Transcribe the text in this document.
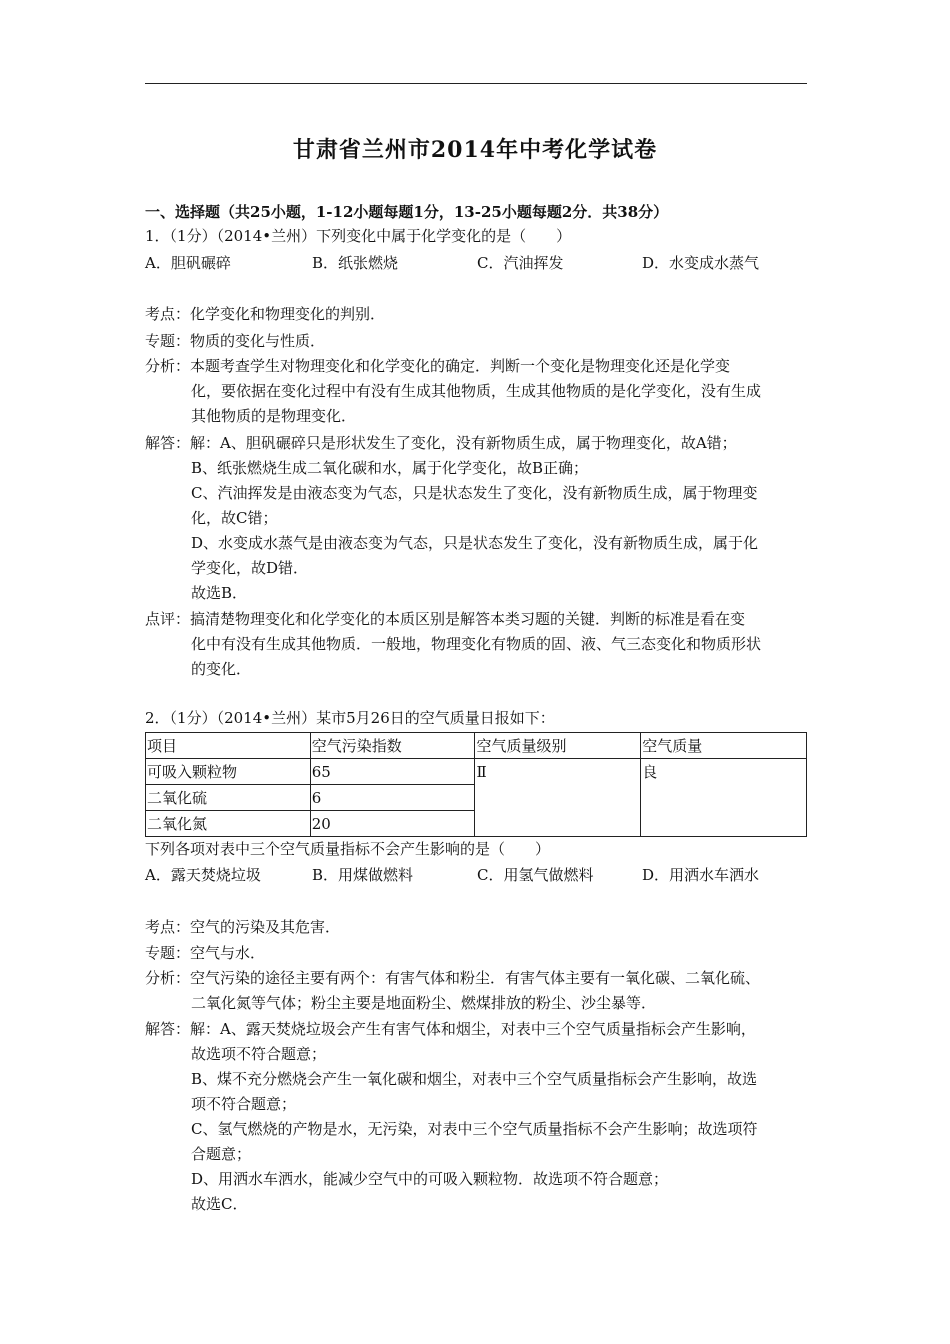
甘肃省兰州市2014年中考化学试卷
一、选择题（共25小题，1-12小题每题1分，13-25小题每题2分．共38分）
1．（1分）（2014•兰州）下列变化中属于化学变化的是（　　）
A．胆矾碾碎	B．纸张燃烧	C．汽油挥发	D．水变成水蒸气
考点：化学变化和物理变化的判别．
专题：物质的变化与性质．
分析：本题考查学生对物理变化和化学变化的确定．判断一个变化是物理变化还是化学变
化，要依据在变化过程中有没有生成其他物质，生成其他物质的是化学变化，没有生成
其他物质的是物理变化．
解答：解：A、胆矾碾碎只是形状发生了变化，没有新物质生成，属于物理变化，故A错；
B、纸张燃烧生成二氧化碳和水，属于化学变化，故B正确；
C、汽油挥发是由液态变为气态，只是状态发生了变化，没有新物质生成，属于物理变
化，故C错；
D、水变成水蒸气是由液态变为气态，只是状态发生了变化，没有新物质生成，属于化
学变化，故D错．
故选B．
点评：搞清楚物理变化和化学变化的本质区别是解答本类习题的关键．判断的标准是看在变
化中有没有生成其他物质．一般地，物理变化有物质的固、液、气三态变化和物质形状
的变化．
2．（1分）（2014•兰州）某市5月26日的空气质量日报如下：
项目	空气污染指数	空气质量级别	空气质量
可吸入颗粒物	65	Ⅱ	良
二氧化硫	6		
二氧化氮	20		
下列各项对表中三个空气质量指标不会产生影响的是（　　）
A．露天焚烧垃圾	B．用煤做燃料	C．用氢气做燃料	D．用洒水车洒水
考点：空气的污染及其危害．
专题：空气与水．
分析：空气污染的途径主要有两个：有害气体和粉尘．有害气体主要有一氧化碳、二氧化硫、
二氧化氮等气体；粉尘主要是地面粉尘、燃煤排放的粉尘、沙尘暴等．
解答：解：A、露天焚烧垃圾会产生有害气体和烟尘，对表中三个空气质量指标会产生影响，
故选项不符合题意；
B、煤不充分燃烧会产生一氧化碳和烟尘，对表中三个空气质量指标会产生影响，故选
项不符合题意；
C、氢气燃烧的产物是水，无污染，对表中三个空气质量指标不会产生影响；故选项符
合题意；
D、用洒水车洒水，能减少空气中的可吸入颗粒物．故选项不符合题意；
故选C．
